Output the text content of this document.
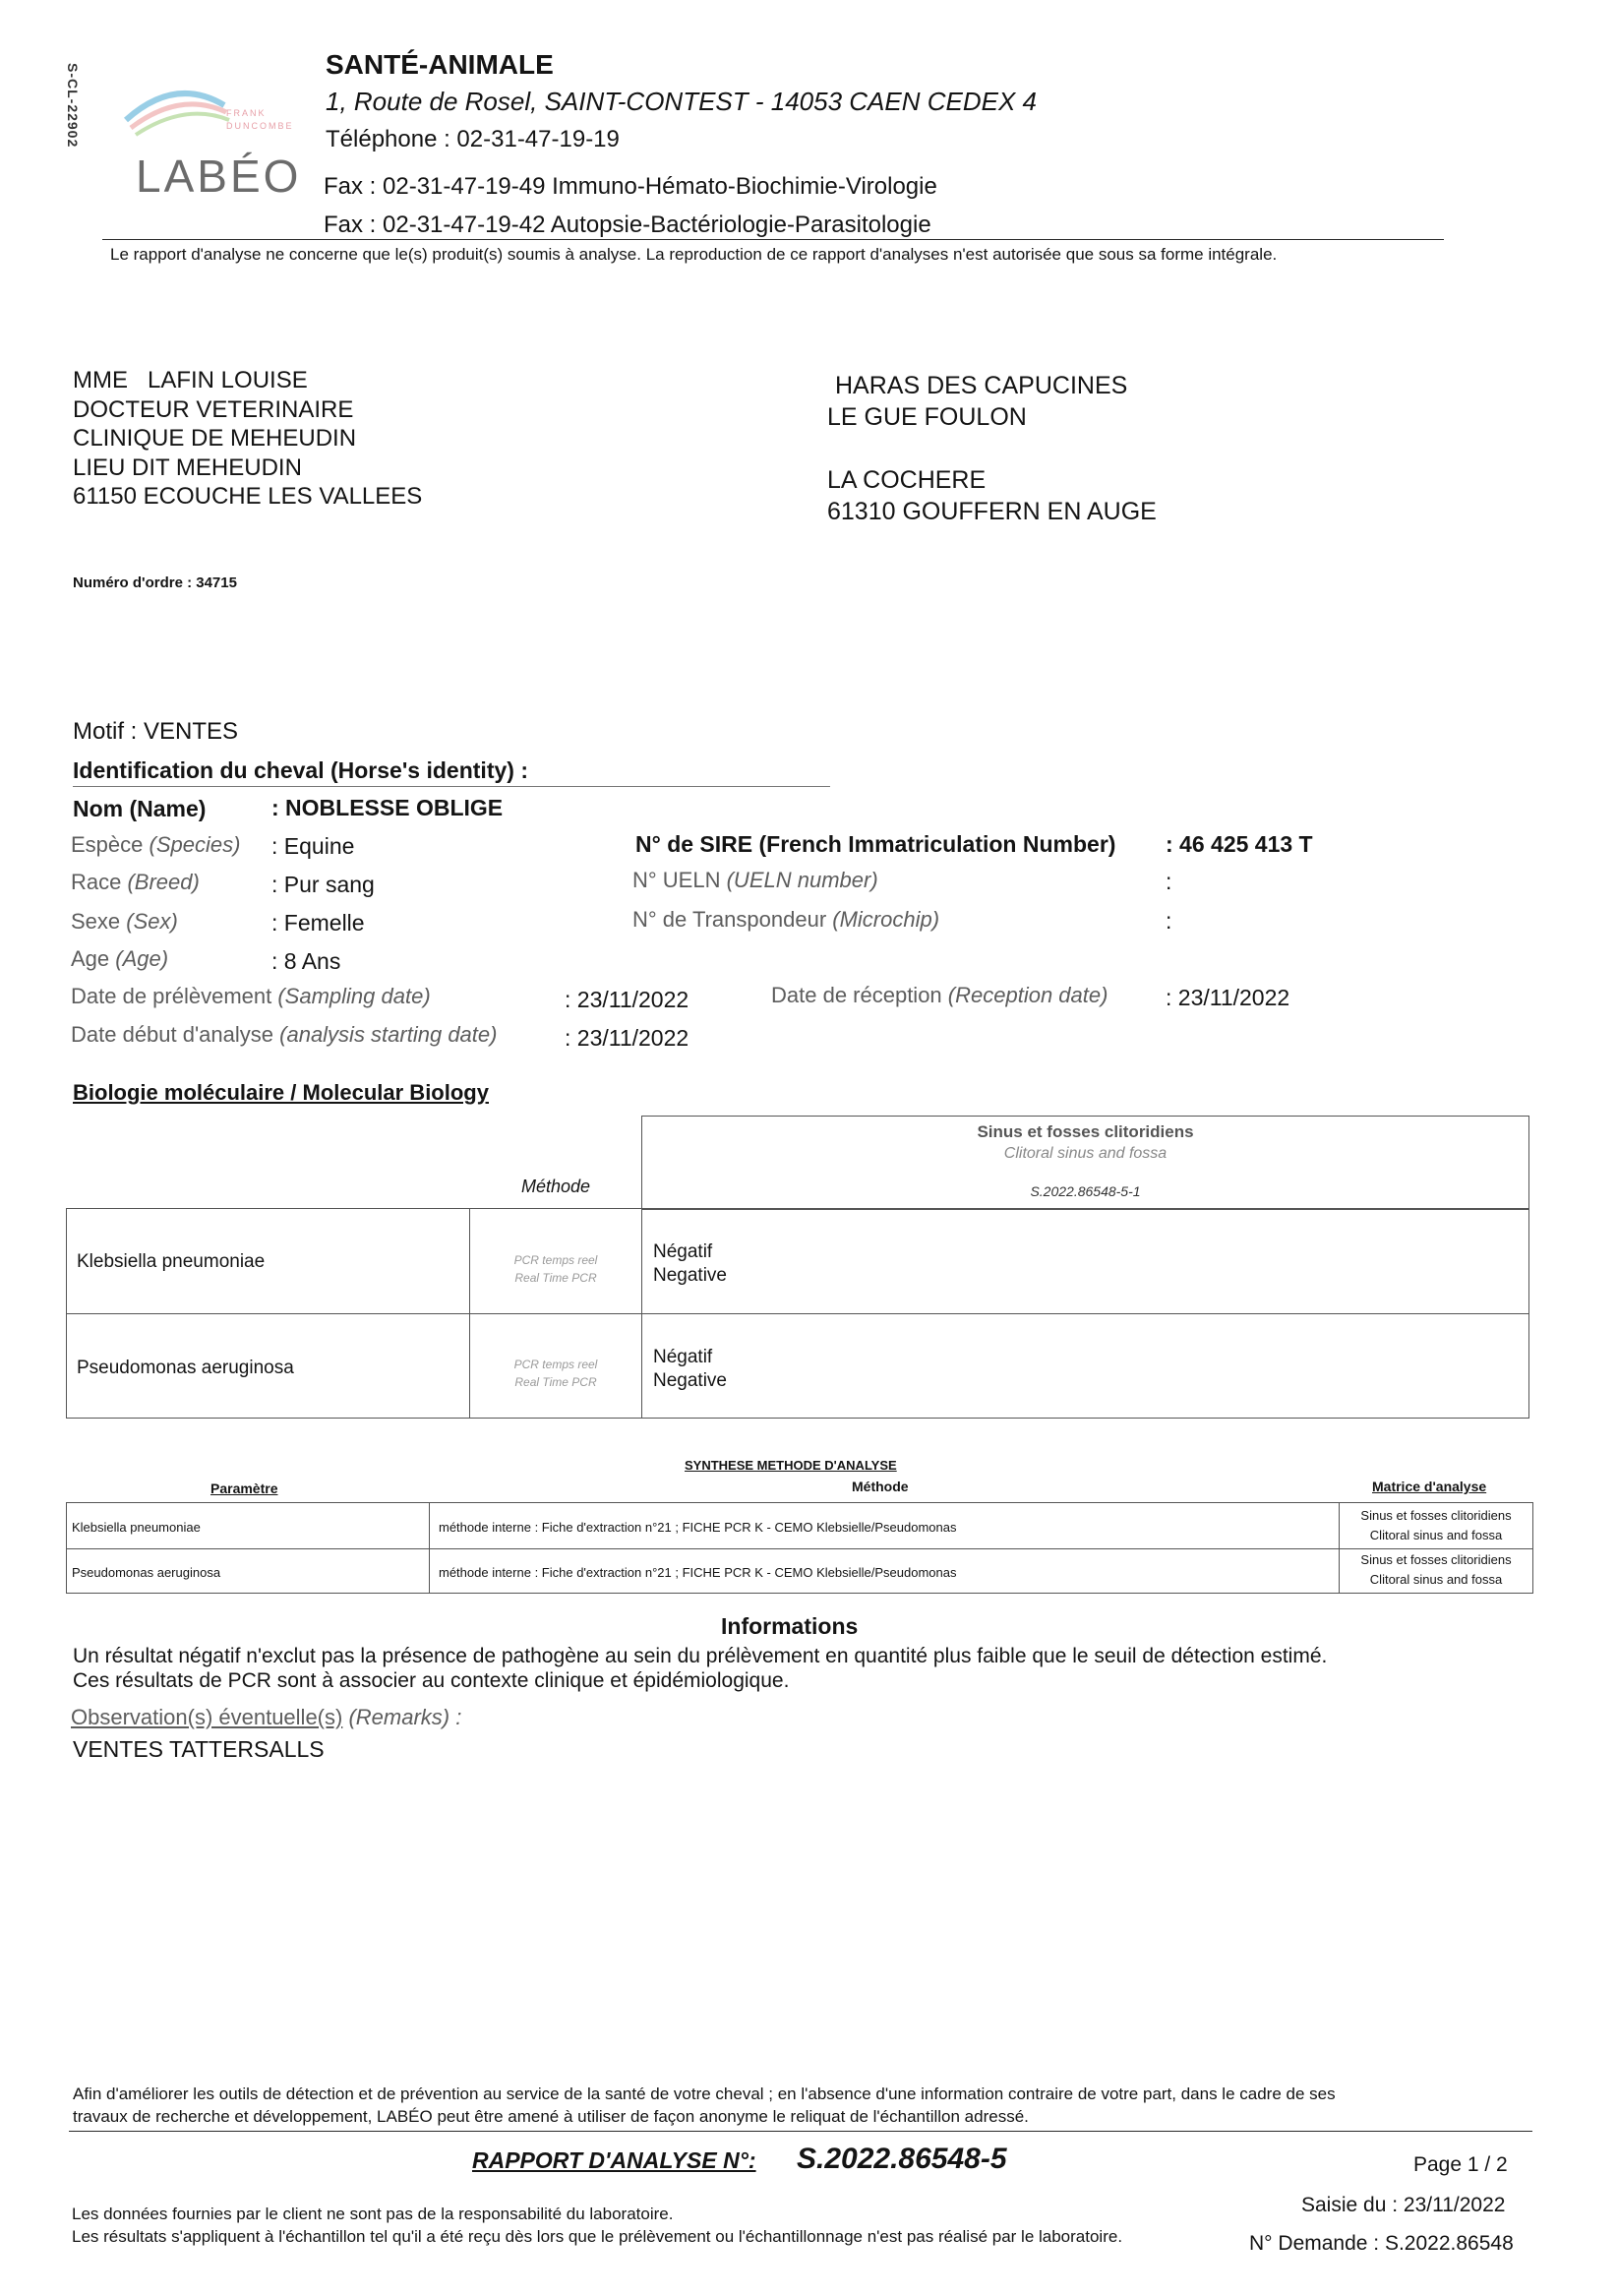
S-CL-22902	FRANK
DUNCOMBE
LABÉO
SANTÉ-ANIMALE
1, Route de Rosel, SAINT-CONTEST - 14053 CAEN CEDEX 4
Téléphone : 02-31-47-19-19
Fax : 02-31-47-19-49 Immuno-Hémato-Biochimie-Virologie
Fax : 02-31-47-19-42 Autopsie-Bactériologie-Parasitologie
Le rapport d'analyse ne concerne que le(s) produit(s) soumis à analyse. La reproduction de ce rapport d'analyses n'est autorisée que sous sa forme intégrale.
MME   LAFIN LOUISE
DOCTEUR VETERINAIRE
CLINIQUE DE MEHEUDIN
LIEU DIT MEHEUDIN
61150 ECOUCHE LES VALLEES
HARAS DES CAPUCINES
LE GUE FOULON
LA COCHERE
61310 GOUFFERN EN AUGE
Numéro d'ordre : 34715
Motif : VENTES
Identification du cheval (Horse's identity) :
Nom (Name)	: NOBLESSE OBLIGE
Espèce (Species) : Equine
Race (Breed)	: Pur sang
Sexe (Sex)	: Femelle
Age (Age)	: 8 Ans
N° de SIRE (French Immatriculation Number) : 46 425 413 T
N° UELN (UELN number)	:
N° de Transpondeur (Microchip)	:
Date de prélèvement (Sampling date)	: 23/11/2022	Date de réception (Reception date)	: 23/11/2022
Date début d'analyse (analysis starting date)	: 23/11/2022
Biologie moléculaire / Molecular Biology
Sinus et fosses clitoridiens
Clitoral sinus and fossa
S.2022.86548-5-1
Méthode
Klebsiella pneumoniae	PCR temps reel
Real Time PCR
Négatif
Negative
Pseudomonas aeruginosa	PCR temps reel
Real Time PCR
Négatif
Negative
SYNTHESE METHODE D'ANALYSE
Paramètre	Méthode	Matrice d'analyse
Klebsiella pneumoniae	méthode interne : Fiche d'extraction n°21 ; FICHE PCR K - CEMO Klebsielle/Pseudomonas
Sinus et fosses clitoridiens
Clitoral sinus and fossa
Pseudomonas aeruginosa	méthode interne : Fiche d'extraction n°21 ; FICHE PCR K - CEMO Klebsielle/Pseudomonas
Sinus et fosses clitoridiens
Clitoral sinus and fossa
Informations
Un résultat négatif n'exclut pas la présence de pathogène au sein du prélèvement en quantité plus faible que le seuil de détection estimé.
Ces résultats de PCR sont à associer au contexte clinique et épidémiologique.
Observation(s) éventuelle(s) (Remarks) :
VENTES TATTERSALLS
Afin d'améliorer les outils de détection et de prévention au service de la santé de votre cheval ; en l'absence d'une information contraire de votre part, dans le cadre de ses
travaux de recherche et développement, LABÉO peut être amené à utiliser de façon anonyme le reliquat de l'échantillon adressé.
RAPPORT D'ANALYSE N°: S.2022.86548-5	Page 1 / 2
Saisie du : 23/11/2022
N° Demande : S.2022.86548
Les données fournies par le client ne sont pas de la responsabilité du laboratoire.
Les résultats s'appliquent à l'échantillon tel qu'il a été reçu dès lors que le prélèvement ou l'échantillonnage n'est pas réalisé par le laboratoire.
